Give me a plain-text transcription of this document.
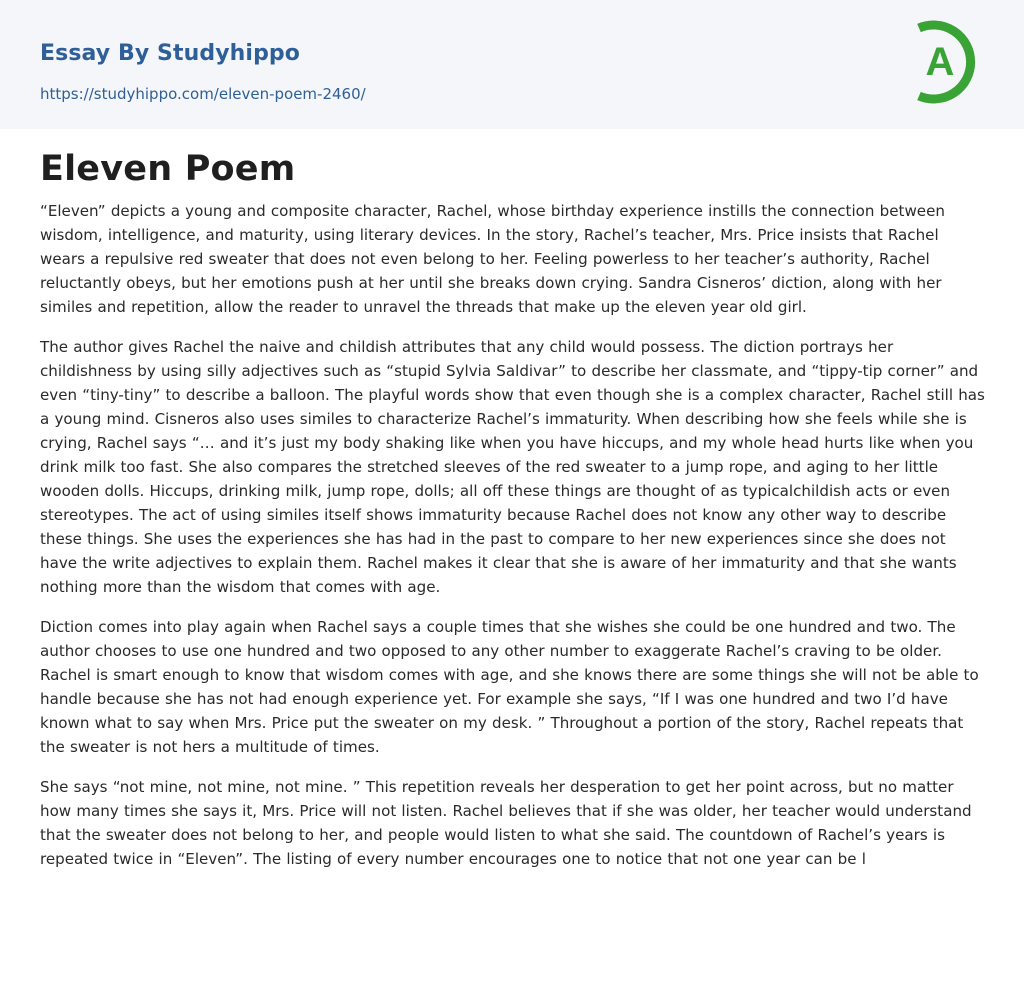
Essay By Studyhippo
https://studyhippo.com/eleven-poem-2460/
A
Eleven Poem

“Eleven” depicts a young and composite character, Rachel, whose birthday experience instills the connection between wisdom, intelligence, and maturity, using literary devices. In the story, Rachel’s teacher, Mrs. Price insists that Rachel wears a repulsive red sweater that does not even belong to her. Feeling powerless to her teacher’s authority, Rachel reluctantly obeys, but her emotions push at her until she breaks down crying. Sandra Cisneros’ diction, along with her similes and repetition, allow the reader to unravel the threads that make up the eleven year old girl.

The author gives Rachel the naive and childish attributes that any child would possess. The diction portrays her childishness by using silly adjectives such as “stupid Sylvia Saldivar” to describe her classmate, and “tippy-tip corner” and even “tiny-tiny” to describe a balloon. The playful words show that even though she is a complex character, Rachel still has a young mind. Cisneros also uses similes to characterize Rachel’s immaturity. When describing how she feels while she is crying, Rachel says “… and it’s just my body shaking like when you have hiccups, and my whole head hurts like when you drink milk too fast. She also compares the stretched sleeves of the red sweater to a jump rope, and aging to her little wooden dolls. Hiccups, drinking milk, jump rope, dolls; all off these things are thought of as typicalchildish acts or even stereotypes. The act of using similes itself shows immaturity because Rachel does not know any other way to describe these things. She uses the experiences she has had in the past to compare to her new experiences since she does not have the write adjectives to explain them. Rachel makes it clear that she is aware of her immaturity and that she wants nothing more than the wisdom that comes with age.

Diction comes into play again when Rachel says a couple times that she wishes she could be one hundred and two. The author chooses to use one hundred and two opposed to any other number to exaggerate Rachel’s craving to be older. Rachel is smart enough to know that wisdom comes with age, and she knows there are some things she will not be able to handle because she has not had enough experience yet. For example she says, “If I was one hundred and two I’d have known what to say when Mrs. Price put the sweater on my desk. ” Throughout a portion of the story, Rachel repeats that the sweater is not hers a multitude of times.

She says “not mine, not mine, not mine. ” This repetition reveals her desperation to get her point across, but no matter how many times she says it, Mrs. Price will not listen. Rachel believes that if she was older, her teacher would understand that the sweater does not belong to her, and people would listen to what she said. The countdown of Rachel’s years is repeated twice in “Eleven”. The listing of every number encourages one to notice that not one year can be l
